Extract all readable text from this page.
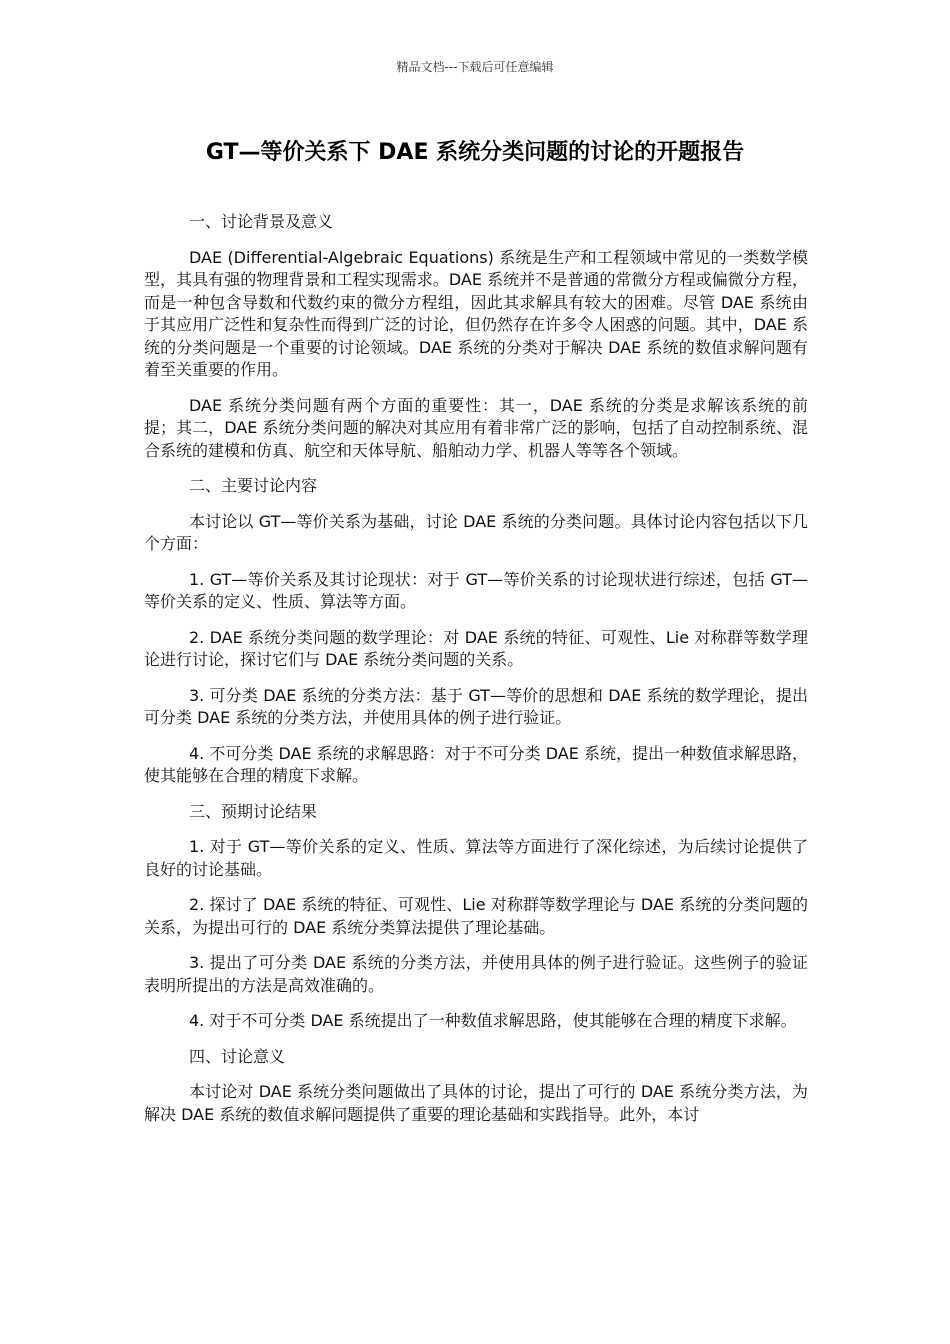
精品文档---下载后可任意编辑
GT—等价关系下 DAE 系统分类问题的讨论的开题报告

一、讨论背景及意义

DAE (Differential-Algebraic Equations) 系统是生产和工程领域中常见的一类数学模型，其具有强的物理背景和工程实现需求。DAE 系统并不是普通的常微分方程或偏微分方程，而是一种包含导数和代数约束的微分方程组，因此其求解具有较大的困难。尽管 DAE 系统由于其应用广泛性和复杂性而得到广泛的讨论，但仍然存在许多令人困惑的问题。其中，DAE 系统的分类问题是一个重要的讨论领域。DAE 系统的分类对于解决 DAE 系统的数值求解问题有着至关重要的作用。

DAE 系统分类问题有两个方面的重要性：其一，DAE 系统的分类是求解该系统的前提；其二，DAE 系统分类问题的解决对其应用有着非常广泛的影响，包括了自动控制系统、混合系统的建模和仿真、航空和天体导航、船舶动力学、机器人等等各个领域。

二、主要讨论内容

本讨论以 GT—等价关系为基础，讨论 DAE 系统的分类问题。具体讨论内容包括以下几个方面：

1. GT—等价关系及其讨论现状：对于 GT—等价关系的讨论现状进行综述，包括 GT—等价关系的定义、性质、算法等方面。

2. DAE 系统分类问题的数学理论：对 DAE 系统的特征、可观性、Lie 对称群等数学理论进行讨论，探讨它们与 DAE 系统分类问题的关系。

3. 可分类 DAE 系统的分类方法：基于 GT—等价的思想和 DAE 系统的数学理论，提出可分类 DAE 系统的分类方法，并使用具体的例子进行验证。

4. 不可分类 DAE 系统的求解思路：对于不可分类 DAE 系统，提出一种数值求解思路，使其能够在合理的精度下求解。

三、预期讨论结果

1. 对于 GT—等价关系的定义、性质、算法等方面进行了深化综述，为后续讨论提供了良好的讨论基础。

2. 探讨了 DAE 系统的特征、可观性、Lie 对称群等数学理论与 DAE 系统的分类问题的关系，为提出可行的 DAE 系统分类算法提供了理论基础。

3. 提出了可分类 DAE 系统的分类方法，并使用具体的例子进行验证。这些例子的验证表明所提出的方法是高效准确的。

4. 对于不可分类 DAE 系统提出了一种数值求解思路，使其能够在合理的精度下求解。

四、讨论意义

本讨论对 DAE 系统分类问题做出了具体的讨论，提出了可行的 DAE 系统分类方法，为解决 DAE 系统的数值求解问题提供了重要的理论基础和实践指导。此外，本讨
